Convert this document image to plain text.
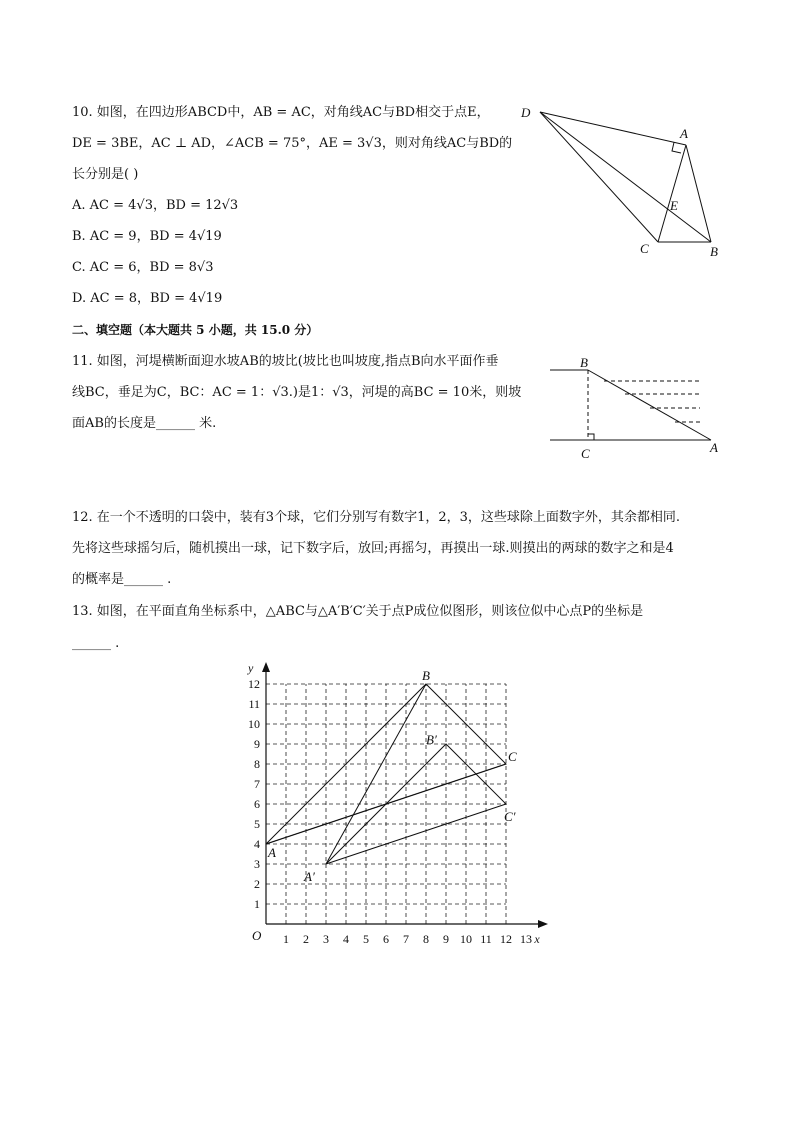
10. 如图，在四边形ABCD中，AB = AC，对角线AC与BD相交于点E，
DE = 3BE，AC ⊥ AD，∠ACB = 75°，AE = 3√3，则对角线AC与BD的
长分别是( )
A. AC = 4√3，BD = 12√3
B. AC = 9，BD = 4√19
C. AC = 6，BD = 8√3
D. AC = 8，BD = 4√19
D
A
E
C	B
二、填空题（本大题共 5 小题，共 15.0 分）
11. 如图，河堤横断面迎水坡AB的坡比(坡比也叫坡度,指点B向水平面作垂
线BC，垂足为C，BC：AC = 1：√3.)是1：√3，河堤的高BC = 10米，则坡
面AB的长度是______ 米.
B
C	A
12. 在一个不透明的口袋中，装有3个球，它们分别写有数字1，2，3，这些球除上面数字外，其余都相同.
先将这些球摇匀后，随机摸出一球，记下数字后，放回;再摇匀，再摸出一球.则摸出的两球的数字之和是4
的概率是______ .
13. 如图，在平面直角坐标系中，△ABC与△A′B′C′关于点P成位似图形，则该位似中心点P的坐标是
______ .
1 2 3 4 5 6 7 8 9 10 11 12 13
1
2
3
4
5
6
7
8
9
10
11
12
x
y
O
A
B
C
A′
B′
C′
